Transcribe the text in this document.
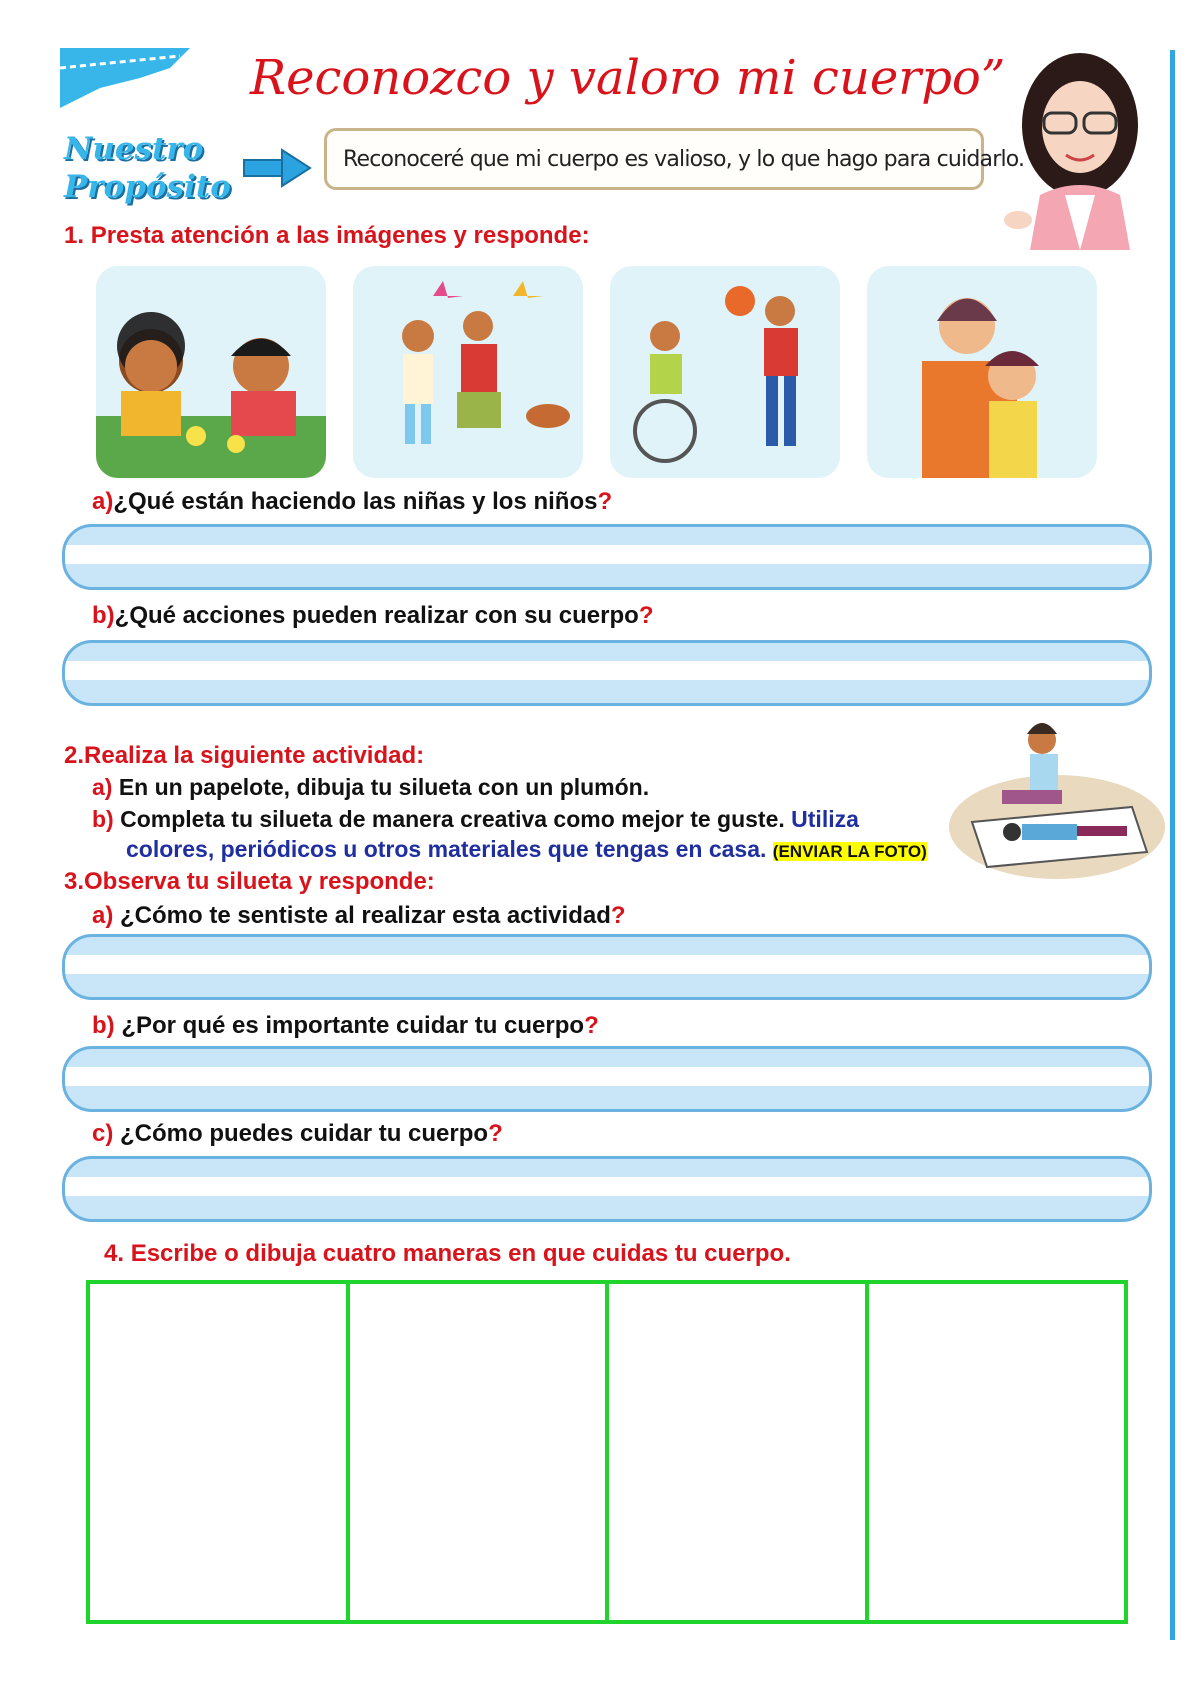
Reconozco y valoro mi cuerpo”
Nuestro
Propósito
Reconoceré que mi cuerpo es valioso, y lo que hago para cuidarlo.
1. Presta atención a las imágenes y responde:
a)¿Qué están haciendo las niñas y los niños?
b)¿Qué acciones pueden realizar con su cuerpo?
2.Realiza la siguiente actividad:
a) En un papelote, dibuja tu silueta con un plumón.
b) Completa tu silueta de manera creativa como mejor te guste. Utiliza
colores, periódicos u otros materiales que tengas en casa. (ENVIAR LA FOTO)
3.Observa tu silueta y responde:
a) ¿Cómo te sentiste al realizar esta actividad?
b) ¿Por qué es importante cuidar tu cuerpo?
c) ¿Cómo puedes cuidar tu cuerpo?
4. Escribe o dibuja cuatro maneras en que cuidas tu cuerpo.
